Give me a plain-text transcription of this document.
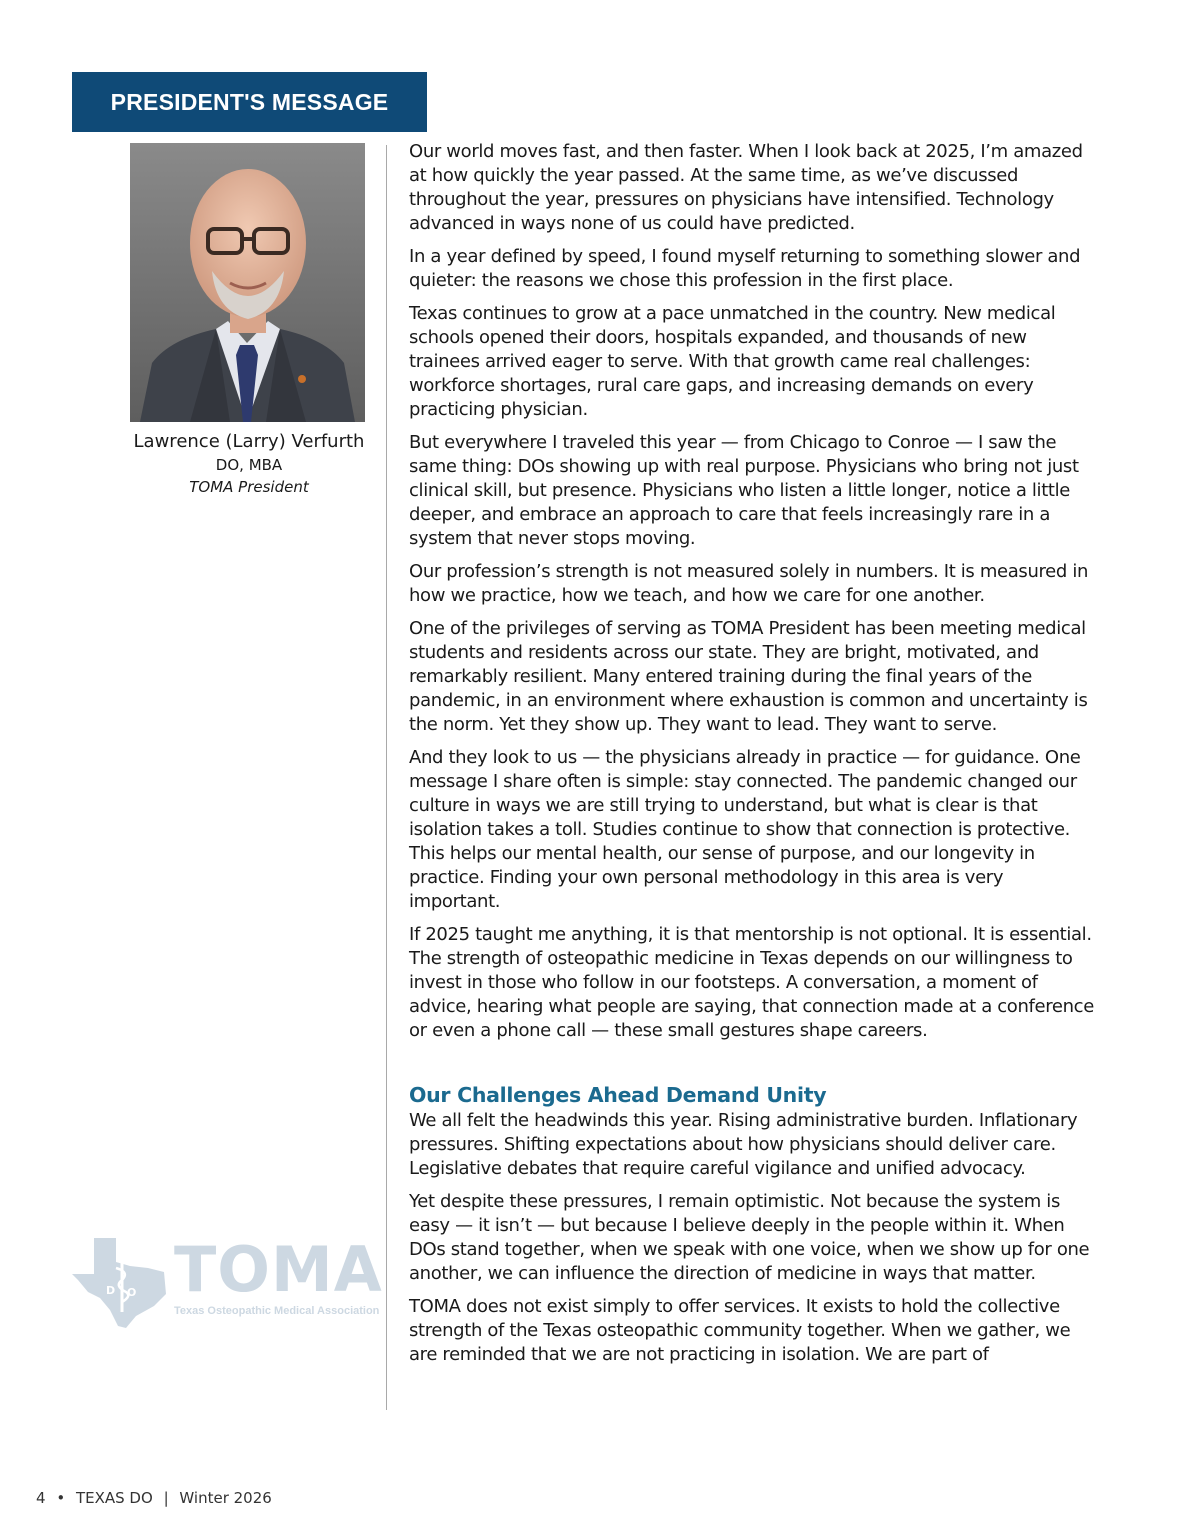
PRESIDENT'S MESSAGE
Lawrence (Larry) Verfurth
DO, MBA
TOMA President
D O TOMA
Texas Osteopathic Medical Association

Our world moves fast, and then faster. When I look back at 2025, I’m amazed at how quickly the year passed. At the same time, as we’ve discussed throughout the year, pressures on physicians have intensified. Technology advanced in ways none of us could have predicted.

In a year defined by speed, I found myself returning to something slower and quieter: the reasons we chose this profession in the first place.

Texas continues to grow at a pace unmatched in the country. New medical schools opened their doors, hospitals expanded, and thousands of new trainees arrived eager to serve. With that growth came real challenges: workforce shortages, rural care gaps, and increasing demands on every practicing physician.

But everywhere I traveled this year — from Chicago to Conroe — I saw the same thing: DOs showing up with real purpose. Physicians who bring not just clinical skill, but presence. Physicians who listen a little longer, notice a little deeper, and embrace an approach to care that feels increasingly rare in a system that never stops moving.

Our profession’s strength is not measured solely in numbers. It is measured in how we practice, how we teach, and how we care for one another.

One of the privileges of serving as TOMA President has been meeting medical students and residents across our state. They are bright, motivated, and remarkably resilient. Many entered training during the final years of the pandemic, in an environment where exhaustion is common and uncertainty is the norm. Yet they show up. They want to lead. They want to serve.

And they look to us — the physicians already in practice — for guidance. One message I share often is simple: stay connected. The pandemic changed our culture in ways we are still trying to understand, but what is clear is that isolation takes a toll. Studies continue to show that connection is protective. This helps our mental health, our sense of purpose, and our longevity in practice. Finding your own personal methodology in this area is very important.

If 2025 taught me anything, it is that mentorship is not optional. It is essential. The strength of osteopathic medicine in Texas depends on our willingness to invest in those who follow in our footsteps. A conversation, a moment of advice, hearing what people are saying, that connection made at a conference or even a phone call — these small gestures shape careers.

Our Challenges Ahead Demand Unity

We all felt the headwinds this year. Rising administrative burden. Inflationary pressures. Shifting expectations about how physicians should deliver care. Legislative debates that require careful vigilance and unified advocacy.

Yet despite these pressures, I remain optimistic. Not because the system is easy — it isn’t — but because I believe deeply in the people within it. When DOs stand together, when we speak with one voice, when we show up for one another, we can influence the direction of medicine in ways that matter.

TOMA does not exist simply to offer services. It exists to hold the collective strength of the Texas osteopathic community together. When we gather, we are reminded that we are not practicing in isolation. We are part of

4 • TEXAS DO | Winter 2026
